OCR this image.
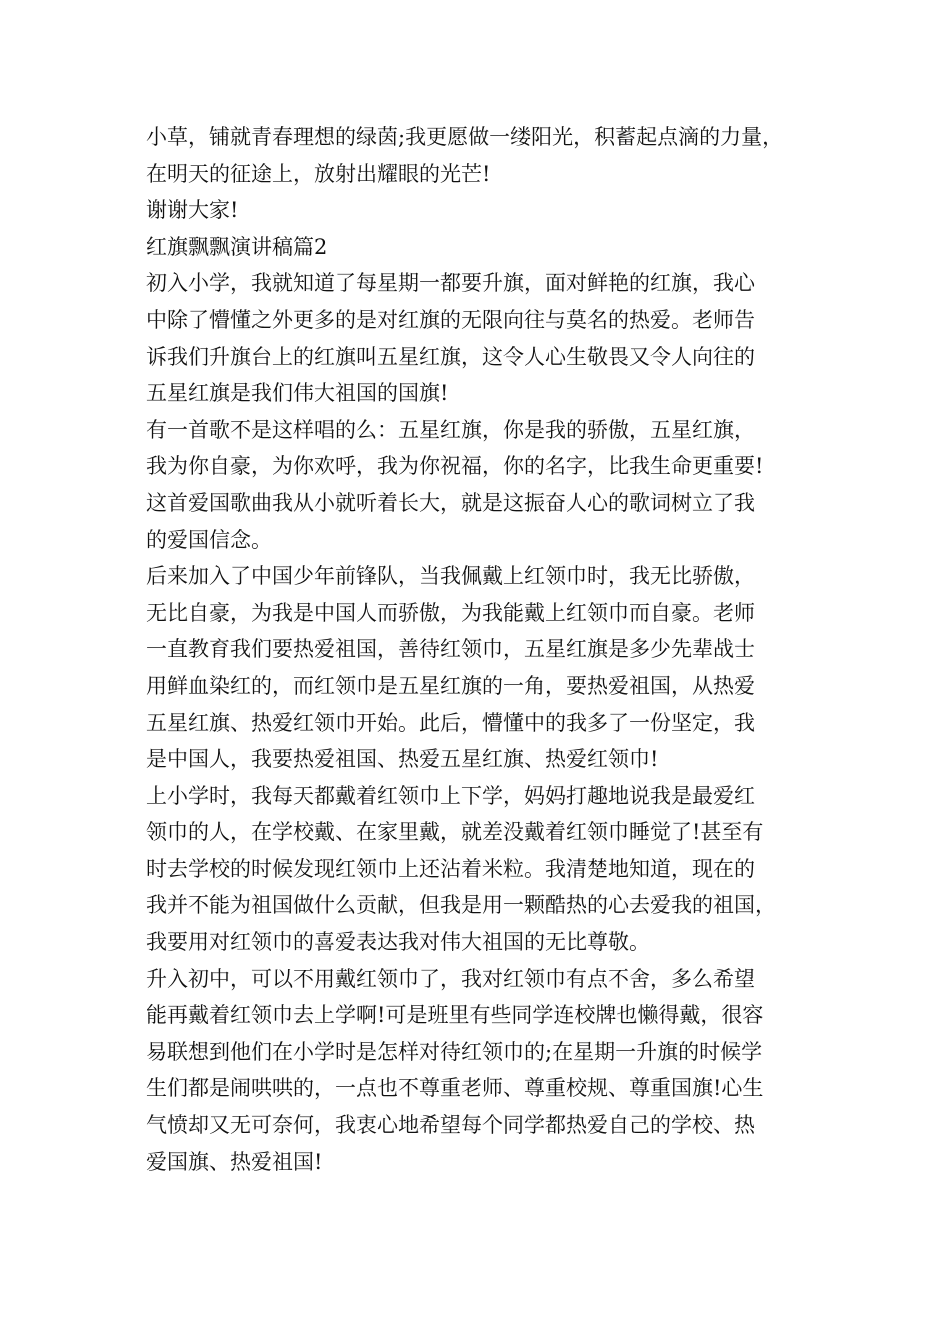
小草，铺就青春理想的绿茵;我更愿做一缕阳光，积蓄起点滴的力量，
在明天的征途上，放射出耀眼的光芒!
谢谢大家!
红旗飘飘演讲稿篇2
初入小学，我就知道了每星期一都要升旗，面对鲜艳的红旗，我心
中除了懵懂之外更多的是对红旗的无限向往与莫名的热爱。老师告
诉我们升旗台上的红旗叫五星红旗，这令人心生敬畏又令人向往的
五星红旗是我们伟大祖国的国旗!
有一首歌不是这样唱的么：五星红旗，你是我的骄傲，五星红旗，
我为你自豪，为你欢呼，我为你祝福，你的名字，比我生命更重要!
这首爱国歌曲我从小就听着长大，就是这振奋人心的歌词树立了我
的爱国信念。
后来加入了中国少年前锋队，当我佩戴上红领巾时，我无比骄傲，
无比自豪，为我是中国人而骄傲，为我能戴上红领巾而自豪。老师
一直教育我们要热爱祖国，善待红领巾，五星红旗是多少先辈战士
用鲜血染红的，而红领巾是五星红旗的一角，要热爱祖国，从热爱
五星红旗、热爱红领巾开始。此后，懵懂中的我多了一份坚定，我
是中国人，我要热爱祖国、热爱五星红旗、热爱红领巾!
上小学时，我每天都戴着红领巾上下学，妈妈打趣地说我是最爱红
领巾的人，在学校戴、在家里戴，就差没戴着红领巾睡觉了!甚至有
时去学校的时候发现红领巾上还沾着米粒。我清楚地知道，现在的
我并不能为祖国做什么贡献，但我是用一颗酷热的心去爱我的祖国，
我要用对红领巾的喜爱表达我对伟大祖国的无比尊敬。
升入初中，可以不用戴红领巾了，我对红领巾有点不舍，多么希望
能再戴着红领巾去上学啊!可是班里有些同学连校牌也懒得戴，很容
易联想到他们在小学时是怎样对待红领巾的;在星期一升旗的时候学
生们都是闹哄哄的，一点也不尊重老师、尊重校规、尊重国旗!心生
气愤却又无可奈何，我衷心地希望每个同学都热爱自己的学校、热
爱国旗、热爱祖国!
